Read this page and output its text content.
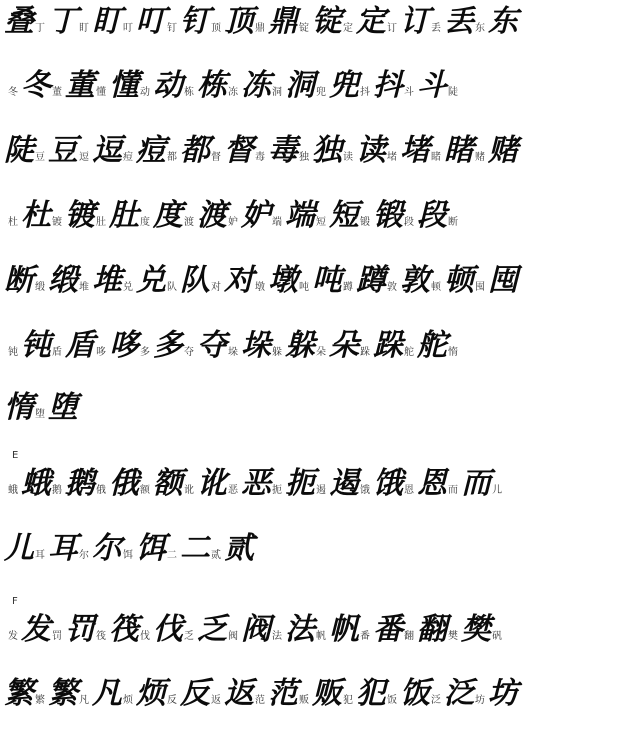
叠 丁 丁 盯 盯 叮 叮 钉 钉 顶 顶 鼎 鼎 锭 锭 定 定 订 订 丢 丢 东 东
冬 冬 董 董 懂 懂 动 动 栋 栋 冻 冻 洞 洞 兜 兜 抖 抖 斗 斗 陡
陡 豆 豆 逗 逗 痘 痘 都 都 督 督 毒 毒 独 独 读 读 堵 堵 睹 睹 赌 赌
杜 杜 镀 镀 肚 肚 度 度 渡 渡 妒 妒 端 端 短 短 锻 锻 段 段 断
断 缎 缎 堆 堆 兑 兑 队 队 对 对 墩 墩 吨 吨 蹲 蹲 敦 敦 顿 顿 囤 囤
钝 钝 盾 盾 哆 哆 多 多 夺 夺 垛 垛 躲 躲 朵 朵 跺 跺 舵 舵 惰
惰 堕 堕
E
蛾 蛾 鹅 鹅 俄 俄 额 额 讹 讹 恶 恶 扼 扼 遏 遏 饿 饿 恩 恩 而 而 儿
儿 耳 耳 尔 尔 饵 饵 二 二 贰 贰
F
发 发 罚 罚 筏 筏 伐 伐 乏 乏 阀 阀 法 法 帆 帆 番 番 翻 翻 樊 樊 矾
繁 繁 繁 凡 凡 烦 烦 反 反 返 返 范 范 贩 贩 犯 犯 饭 饭 泛 泛 坊 坊
